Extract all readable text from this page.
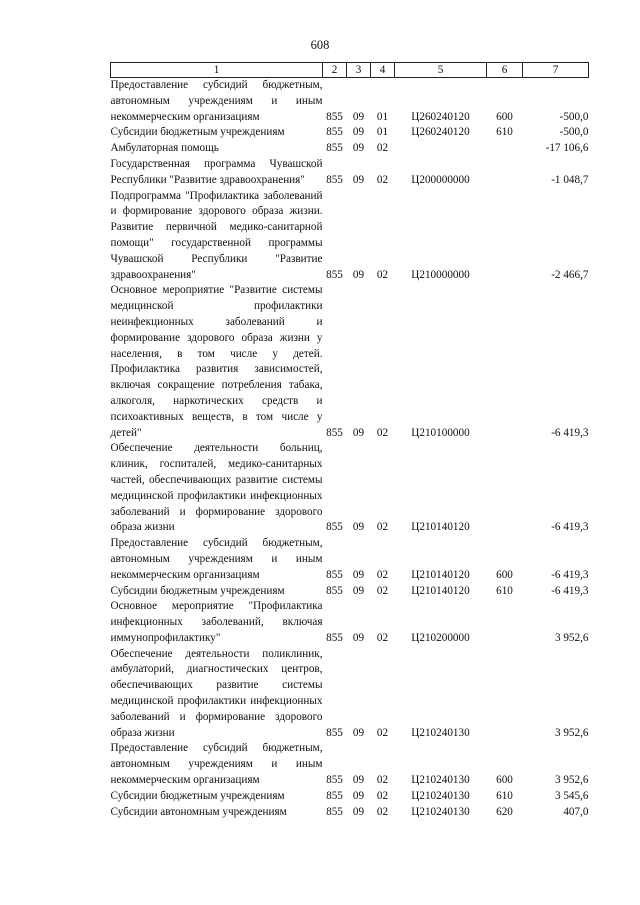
608
1	2	3	4	5	6	7
Предоставление субсидий бюджетным, автономным учреждениям и иным некоммерческим организациям	855	09	01	Ц260240120	600	-500,0
Субсидии бюджетным учреждениям	855	09	01	Ц260240120	610	-500,0
Амбулаторная помощь	855	09	02			-17 106,6
Государственная программа Чувашской Республики "Развитие здравоохранения"	855	09	02	Ц200000000		-1 048,7
Подпрограмма "Профилактика заболеваний и формирование здорового образа жизни. Развитие первичной медико-санитарной помощи" государственной программы Чувашской Республики "Развитие здравоохранения"	855	09	02	Ц210000000		-2 466,7
Основное мероприятие "Развитие системы медицинской профилактики неинфекционных заболеваний и формирование здорового образа жизни у населения, в том числе у детей. Профилактика развития зависимостей, включая сокращение потребления табака, алкоголя, наркотических средств и психоактивных веществ, в том числе у детей"	855	09	02	Ц210100000		-6 419,3
Обеспечение деятельности больниц, клиник, госпиталей, медико-санитарных частей, обеспечивающих развитие системы медицинской профилактики инфекционных заболеваний и формирование здорового образа жизни	855	09	02	Ц210140120		-6 419,3
Предоставление субсидий бюджетным, автономным учреждениям и иным некоммерческим организациям	855	09	02	Ц210140120	600	-6 419,3
Субсидии бюджетным учреждениям	855	09	02	Ц210140120	610	-6 419,3
Основное мероприятие "Профилактика инфекционных заболеваний, включая иммунопрофилактику"	855	09	02	Ц210200000		3 952,6
Обеспечение деятельности поликлиник, амбулаторий, диагностических центров, обеспечивающих развитие системы медицинской профилактики инфекционных заболеваний и формирование здорового образа жизни	855	09	02	Ц210240130		3 952,6
Предоставление субсидий бюджетным, автономным учреждениям и иным некоммерческим организациям	855	09	02	Ц210240130	600	3 952,6
Субсидии бюджетным учреждениям	855	09	02	Ц210240130	610	3 545,6
Субсидии автономным учреждениям	855	09	02	Ц210240130	620	407,0
